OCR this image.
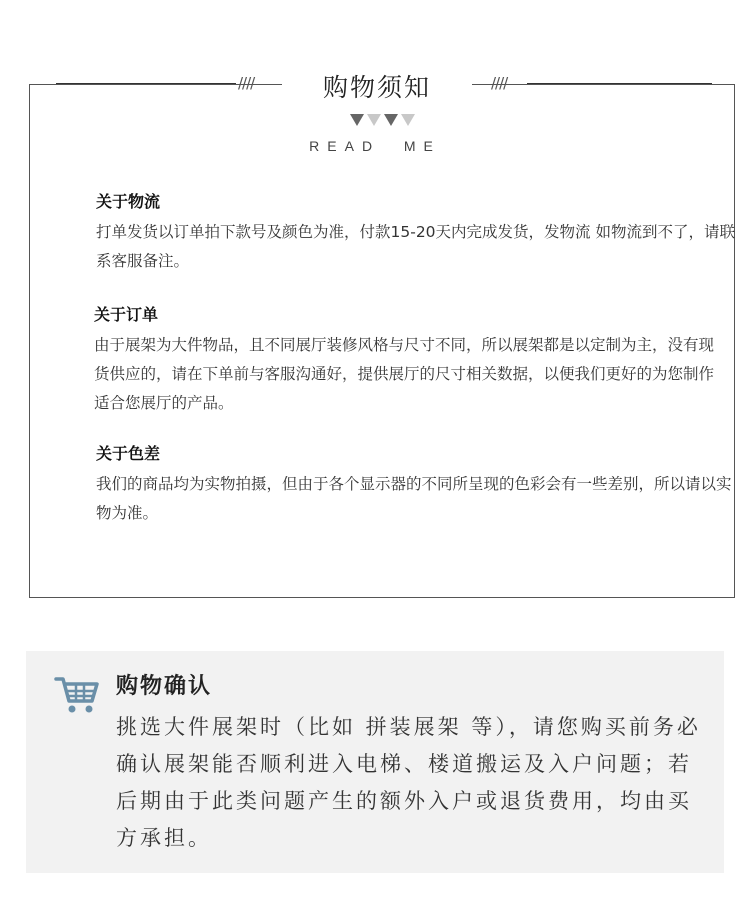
////	////
购物须知
READ  ME
关于物流

打单发货以订单拍下款号及颜色为准，付款15-20天内完成发货，发物流 如物流到不了，请联系客服备注。

关于订单

由于展架为大件物品，且不同展厅装修风格与尺寸不同，所以展架都是以定制为主，没有现货供应的，请在下单前与客服沟通好，提供展厅的尺寸相关数据，以便我们更好的为您制作适合您展厅的产品。

关于色差

我们的商品均为实物拍摄，但由于各个显示器的不同所呈现的色彩会有一些差别，所以请以实物为准。

购物确认
挑选大件展架时（比如 拼装展架 等），请您购买前务必确认展架能否顺利进入电梯、楼道搬运及入户问题；若后期由于此类问题产生的额外入户或退货费用，均由买方承担。
